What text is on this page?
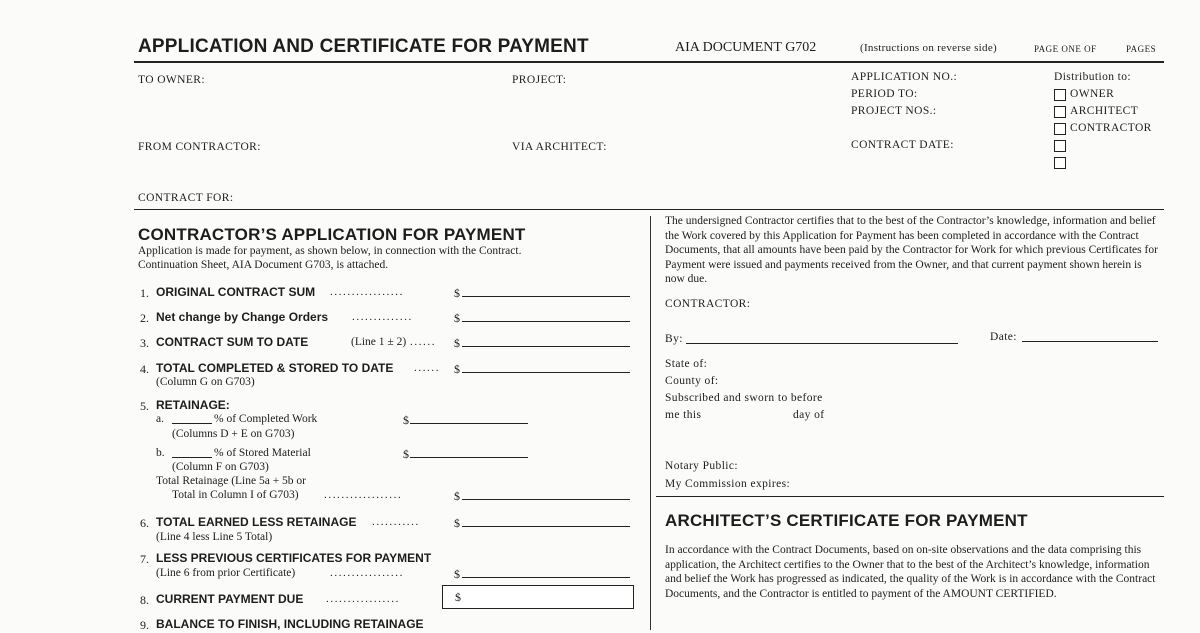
APPLICATION AND CERTIFICATE FOR PAYMENT	AIA DOCUMENT G702	(Instructions on reverse side)	PAGE ONE OF	PAGES
TO OWNER:	PROJECT:	APPLICATION NO.:
PERIOD TO:
PROJECT NOS.:
FROM CONTRACTOR:	VIA ARCHITECT:	CONTRACT DATE:
CONTRACT FOR:
Distribution to:
OWNER
ARCHITECT
CONTRACTOR
CONTRACTOR’S APPLICATION FOR PAYMENT
Application is made for payment, as shown below, in connection with the Contract.
Continuation Sheet, AIA Document G703, is attached.
1. ORIGINAL CONTRACT SUM .................	$
2. Net change by Change Orders ..............	$
3. CONTRACT SUM TO DATE	(Line 1 ± 2) ...... $
4. TOTAL COMPLETED & STORED TO DATE ...... $
(Column G on G703)
5. RETAINAGE:
a.	% of Completed Work	$
(Columns D + E on G703)
b.	% of Stored Material	$
(Column F on G703)
Total Retainage (Line 5a + 5b or
Total in Column I of G703) ..................	$
6. TOTAL EARNED LESS RETAINAGE ...........	$
(Line 4 less Line 5 Total)
7. LESS PREVIOUS CERTIFICATES FOR PAYMENT
(Line 6 from prior Certificate)	.................	$
8. CURRENT PAYMENT DUE .................	$
9. BALANCE TO FINISH, INCLUDING RETAINAGE
The undersigned Contractor certifies that to the best of the Contractor’s knowledge, information and belief the Work covered by this Application for Payment has been completed in accordance with the Contract Documents, that all amounts have been paid by the Contractor for Work for which previous Certificates for Payment were issued and payments received from the Owner, and that current payment shown herein is now due.
CONTRACTOR:
By:	Date:
State of:
County of:
Subscribed and sworn to before
me this	day of
Notary Public:
My Commission expires:
ARCHITECT’S CERTIFICATE FOR PAYMENT
In accordance with the Contract Documents, based on on-site observations and the data comprising this application, the Architect certifies to the Owner that to the best of the Architect’s knowledge, information and belief the Work has progressed as indicated, the quality of the Work is in accordance with the Contract Documents, and the Contractor is entitled to payment of the AMOUNT CERTIFIED.
